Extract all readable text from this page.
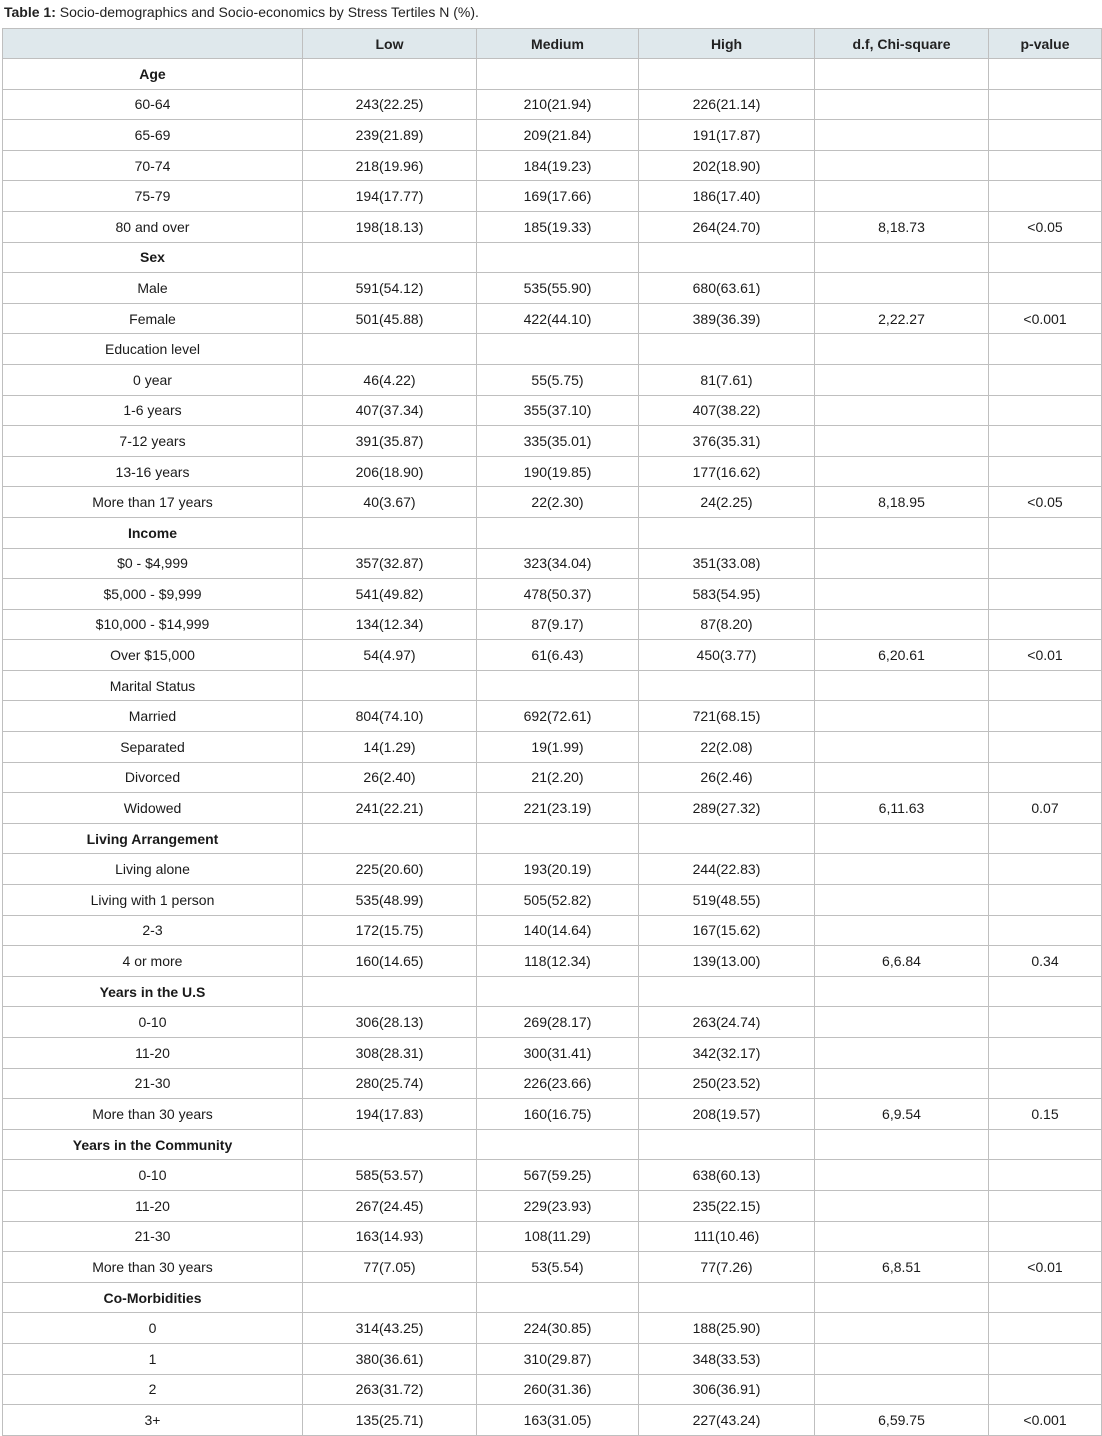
Table 1: Socio-demographics and Socio-economics by Stress Tertiles N (%).
	Low	Medium	High	d.f, Chi-square	p-value
Age					
60-64	243(22.25)	210(21.94)	226(21.14)		
65-69	239(21.89)	209(21.84)	191(17.87)		
70-74	218(19.96)	184(19.23)	202(18.90)		
75-79	194(17.77)	169(17.66)	186(17.40)		
80 and over	198(18.13)	185(19.33)	264(24.70)	8,18.73	<0.05
Sex					
Male	591(54.12)	535(55.90)	680(63.61)		
Female	501(45.88)	422(44.10)	389(36.39)	2,22.27	<0.001
Education level					
0 year	46(4.22)	55(5.75)	81(7.61)		
1-6 years	407(37.34)	355(37.10)	407(38.22)		
7-12 years	391(35.87)	335(35.01)	376(35.31)		
13-16 years	206(18.90)	190(19.85)	177(16.62)		
More than 17 years	40(3.67)	22(2.30)	24(2.25)	8,18.95	<0.05
Income					
$0 - $4,999	357(32.87)	323(34.04)	351(33.08)		
$5,000 - $9,999	541(49.82)	478(50.37)	583(54.95)		
$10,000 - $14,999	134(12.34)	87(9.17)	87(8.20)		
Over $15,000	54(4.97)	61(6.43)	450(3.77)	6,20.61	<0.01
Marital Status					
Married	804(74.10)	692(72.61)	721(68.15)		
Separated	14(1.29)	19(1.99)	22(2.08)		
Divorced	26(2.40)	21(2.20)	26(2.46)		
Widowed	241(22.21)	221(23.19)	289(27.32)	6,11.63	0.07
Living Arrangement					
Living alone	225(20.60)	193(20.19)	244(22.83)		
Living with 1 person	535(48.99)	505(52.82)	519(48.55)		
2-3	172(15.75)	140(14.64)	167(15.62)		
4 or more	160(14.65)	118(12.34)	139(13.00)	6,6.84	0.34
Years in the U.S					
0-10	306(28.13)	269(28.17)	263(24.74)		
11-20	308(28.31)	300(31.41)	342(32.17)		
21-30	280(25.74)	226(23.66)	250(23.52)		
More than 30 years	194(17.83)	160(16.75)	208(19.57)	6,9.54	0.15
Years in the Community					
0-10	585(53.57)	567(59.25)	638(60.13)		
11-20	267(24.45)	229(23.93)	235(22.15)		
21-30	163(14.93)	108(11.29)	111(10.46)		
More than 30 years	77(7.05)	53(5.54)	77(7.26)	6,8.51	<0.01
Co-Morbidities					
0	314(43.25)	224(30.85)	188(25.90)		
1	380(36.61)	310(29.87)	348(33.53)		
2	263(31.72)	260(31.36)	306(36.91)		
3+	135(25.71)	163(31.05)	227(43.24)	6,59.75	<0.001
